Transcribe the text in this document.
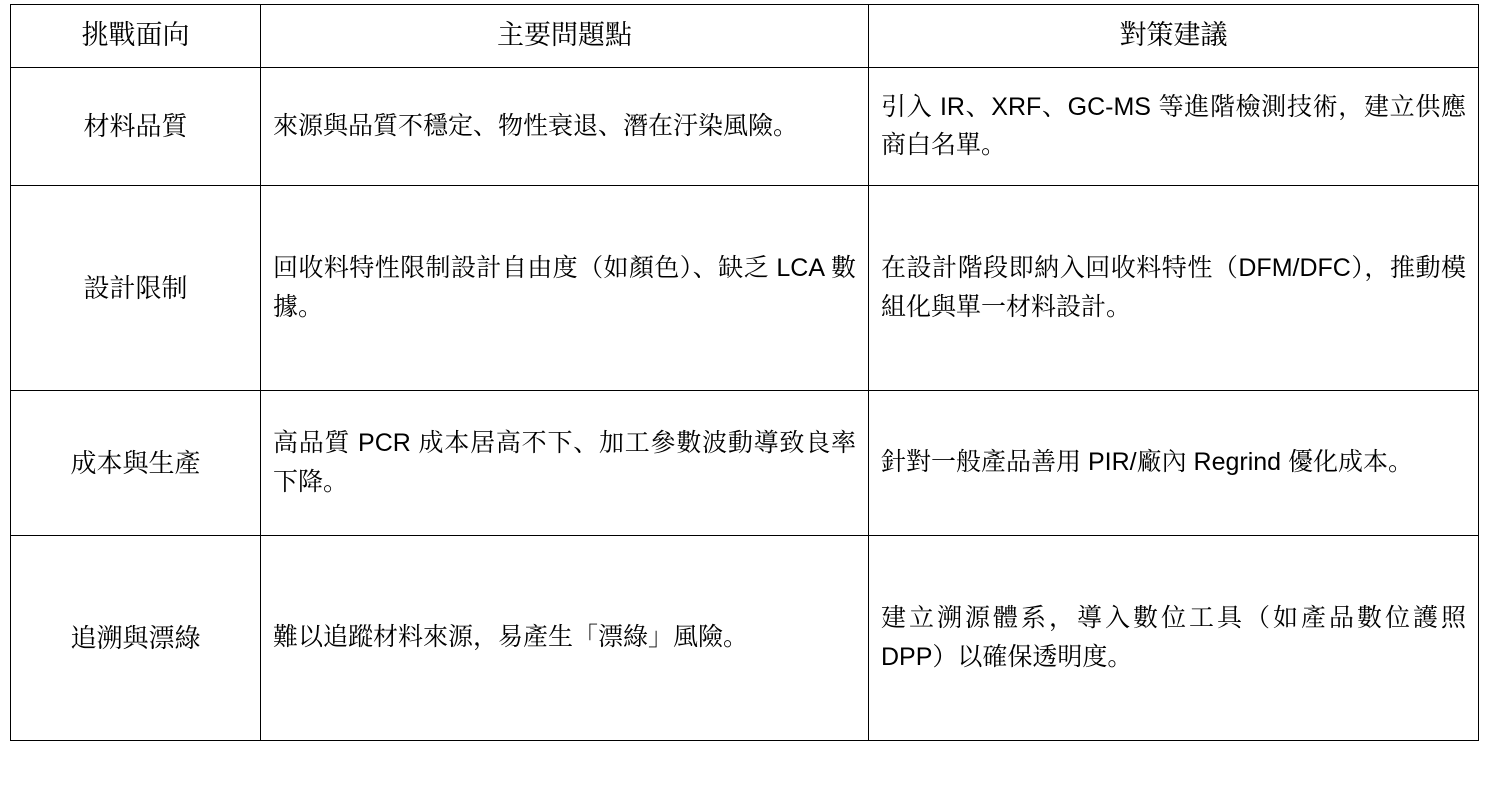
挑戰面向	主要問題點	對策建議
材料品質	來源與品質不穩定、物性衰退、潛在汙染風險。	引入 IR、XRF、GC-MS 等進階檢測技術，建立供應商白名單。
設計限制	回收料特性限制設計自由度（如顏色）、缺乏 LCA 數據。	在設計階段即納入回收料特性（DFM/DFC），推動模組化與單一材料設計。
成本與生產	高品質 PCR 成本居高不下、加工參數波動導致良率下降。	針對一般產品善用 PIR/廠內 Regrind 優化成本。
追溯與漂綠	難以追蹤材料來源，易產生「漂綠」風險。	建立溯源體系，導入數位工具（如產品數位護照 DPP）以確保透明度。
